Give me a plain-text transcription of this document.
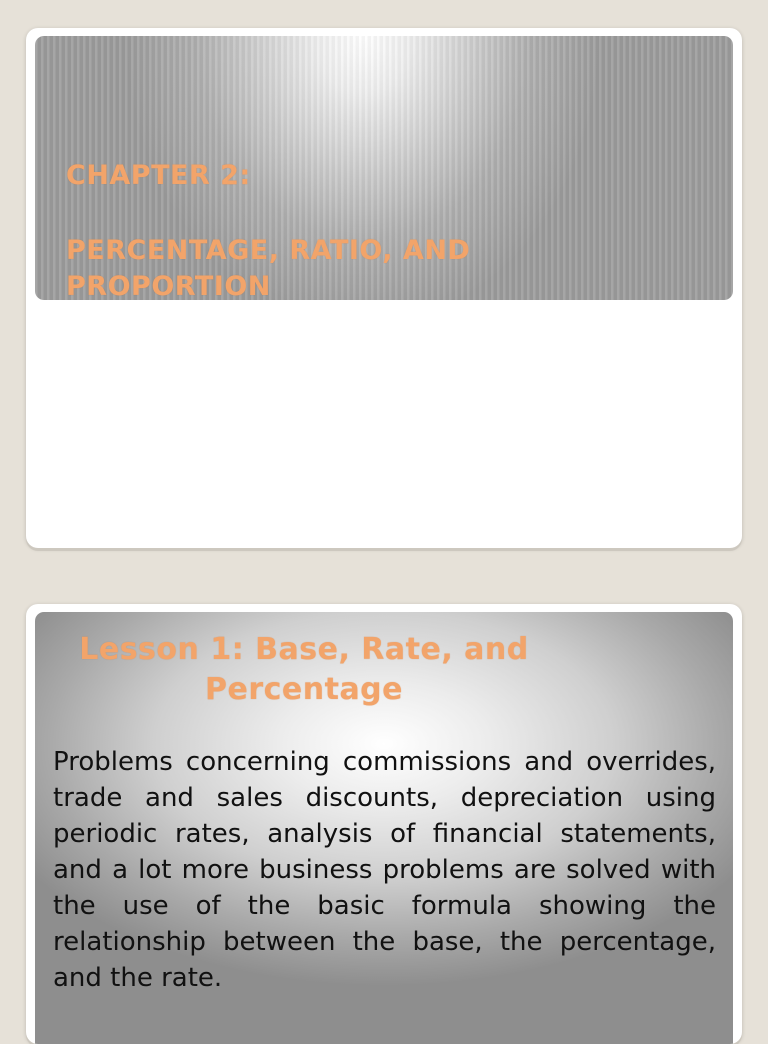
CHAPTER 2:
PERCENTAGE, RATIO, AND PROPORTION
Lesson 1: Base, Rate, and Percentage
Problems concerning commissions and overrides, trade and sales discounts, depreciation using periodic rates, analysis of financial statements, and a lot more business problems are solved with the use of the basic formula showing the relationship between the base, the percentage, and the rate.
